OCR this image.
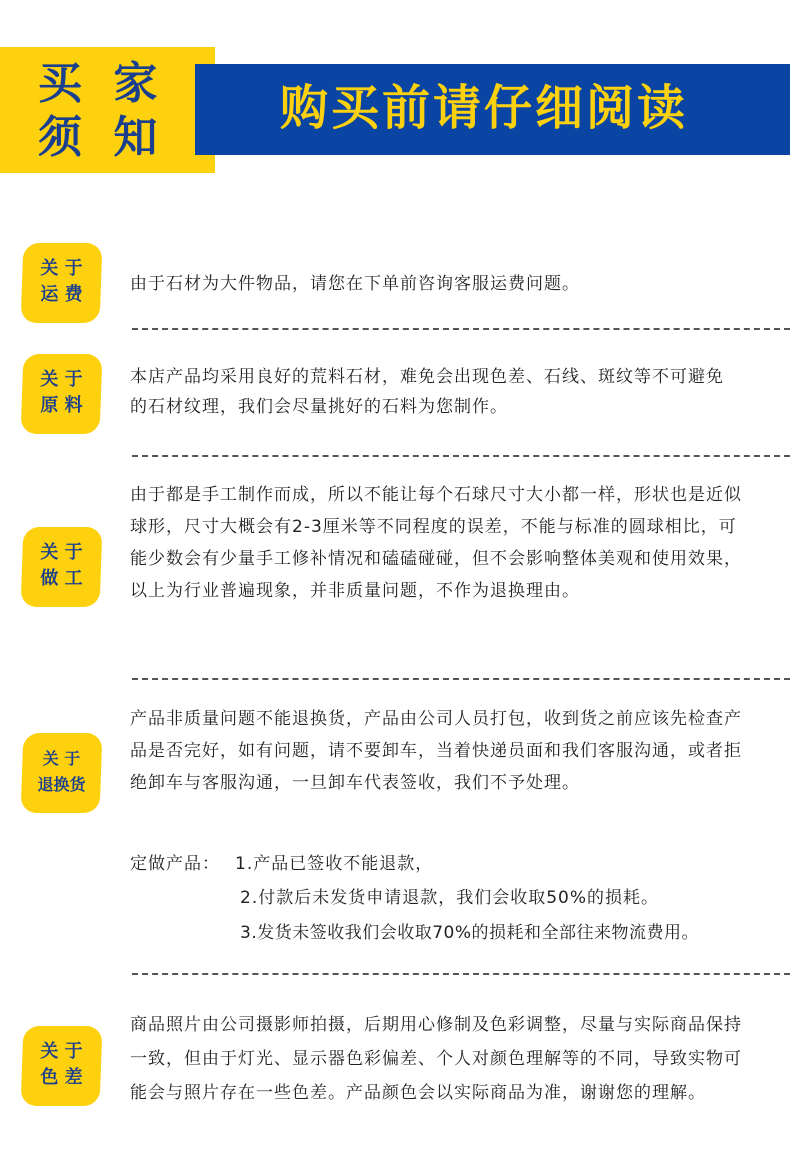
买 家
须 知
购买前请仔细阅读
关 于
运 费	由于石材为大件物品，请您在下单前咨询客服运费问题。
关 于
原 料
本店产品均采用良好的荒料石材，难免会出现色差、石线、斑纹等不可避免的石材纹理，我们会尽量挑好的石料为您制作。
关 于
做 工
由于都是手工制作而成，所以不能让每个石球尺寸大小都一样，形状也是近似球形，尺寸大概会有2-3厘米等不同程度的误差，不能与标准的圆球相比，可能少数会有少量手工修补情况和磕磕碰碰，但不会影响整体美观和使用效果，以上为行业普遍现象，并非质量问题，不作为退换理由。
关 于
退换货
产品非质量问题不能退换货，产品由公司人员打包，收到货之前应该先检查产品是否完好，如有问题，请不要卸车，当着快递员面和我们客服沟通，或者拒绝卸车与客服沟通，一旦卸车代表签收，我们不予处理。
定做产品： 1.产品已签收不能退款，
2.付款后未发货申请退款，我们会收取50%的损耗。
3.发货未签收我们会收取70%的损耗和全部往来物流费用。
关 于
色 差
商品照片由公司摄影师拍摄，后期用心修制及色彩调整，尽量与实际商品保持一致，但由于灯光、显示器色彩偏差、个人对颜色理解等的不同，导致实物可能会与照片存在一些色差。产品颜色会以实际商品为准，谢谢您的理解。
